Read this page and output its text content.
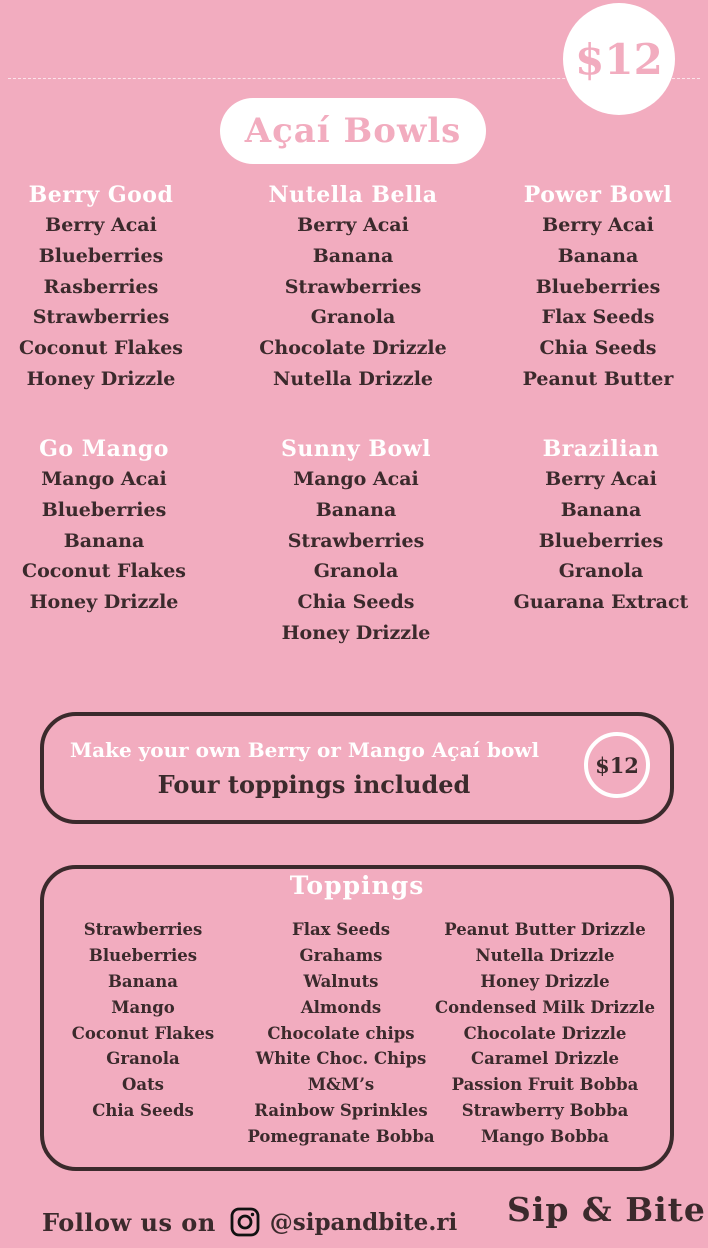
$12
Açaí Bowls
Berry Good
Berry Acai
Blueberries
Rasberries
Strawberries
Coconut Flakes
Honey Drizzle
Nutella Bella
Berry Acai
Banana
Strawberries
Granola
Chocolate Drizzle
Nutella Drizzle
Power Bowl
Berry Acai
Banana
Blueberries
Flax Seeds
Chia Seeds
Peanut Butter
Go Mango
Mango Acai
Blueberries
Banana
Coconut Flakes
Honey Drizzle
Sunny Bowl
Mango Acai
Banana
Strawberries
Granola
Chia Seeds
Honey Drizzle
Brazilian
Berry Acai
Banana
Blueberries
Granola
Guarana Extract
Make your own Berry or Mango Açaí bowl
Four toppings included
$12
Toppings
Strawberries
Blueberries
Banana
Mango
Coconut Flakes
Granola
Oats
Chia Seeds
Flax Seeds
Grahams
Walnuts
Almonds
Chocolate chips
White Choc. Chips
M&M’s
Rainbow Sprinkles
Pomegranate Bobba
Peanut Butter Drizzle
Nutella Drizzle
Honey Drizzle
Condensed Milk Drizzle
Chocolate Drizzle
Caramel Drizzle
Passion Fruit Bobba
Strawberry Bobba
Mango Bobba
Follow us on @sipandbite.ri Sip & Bite
